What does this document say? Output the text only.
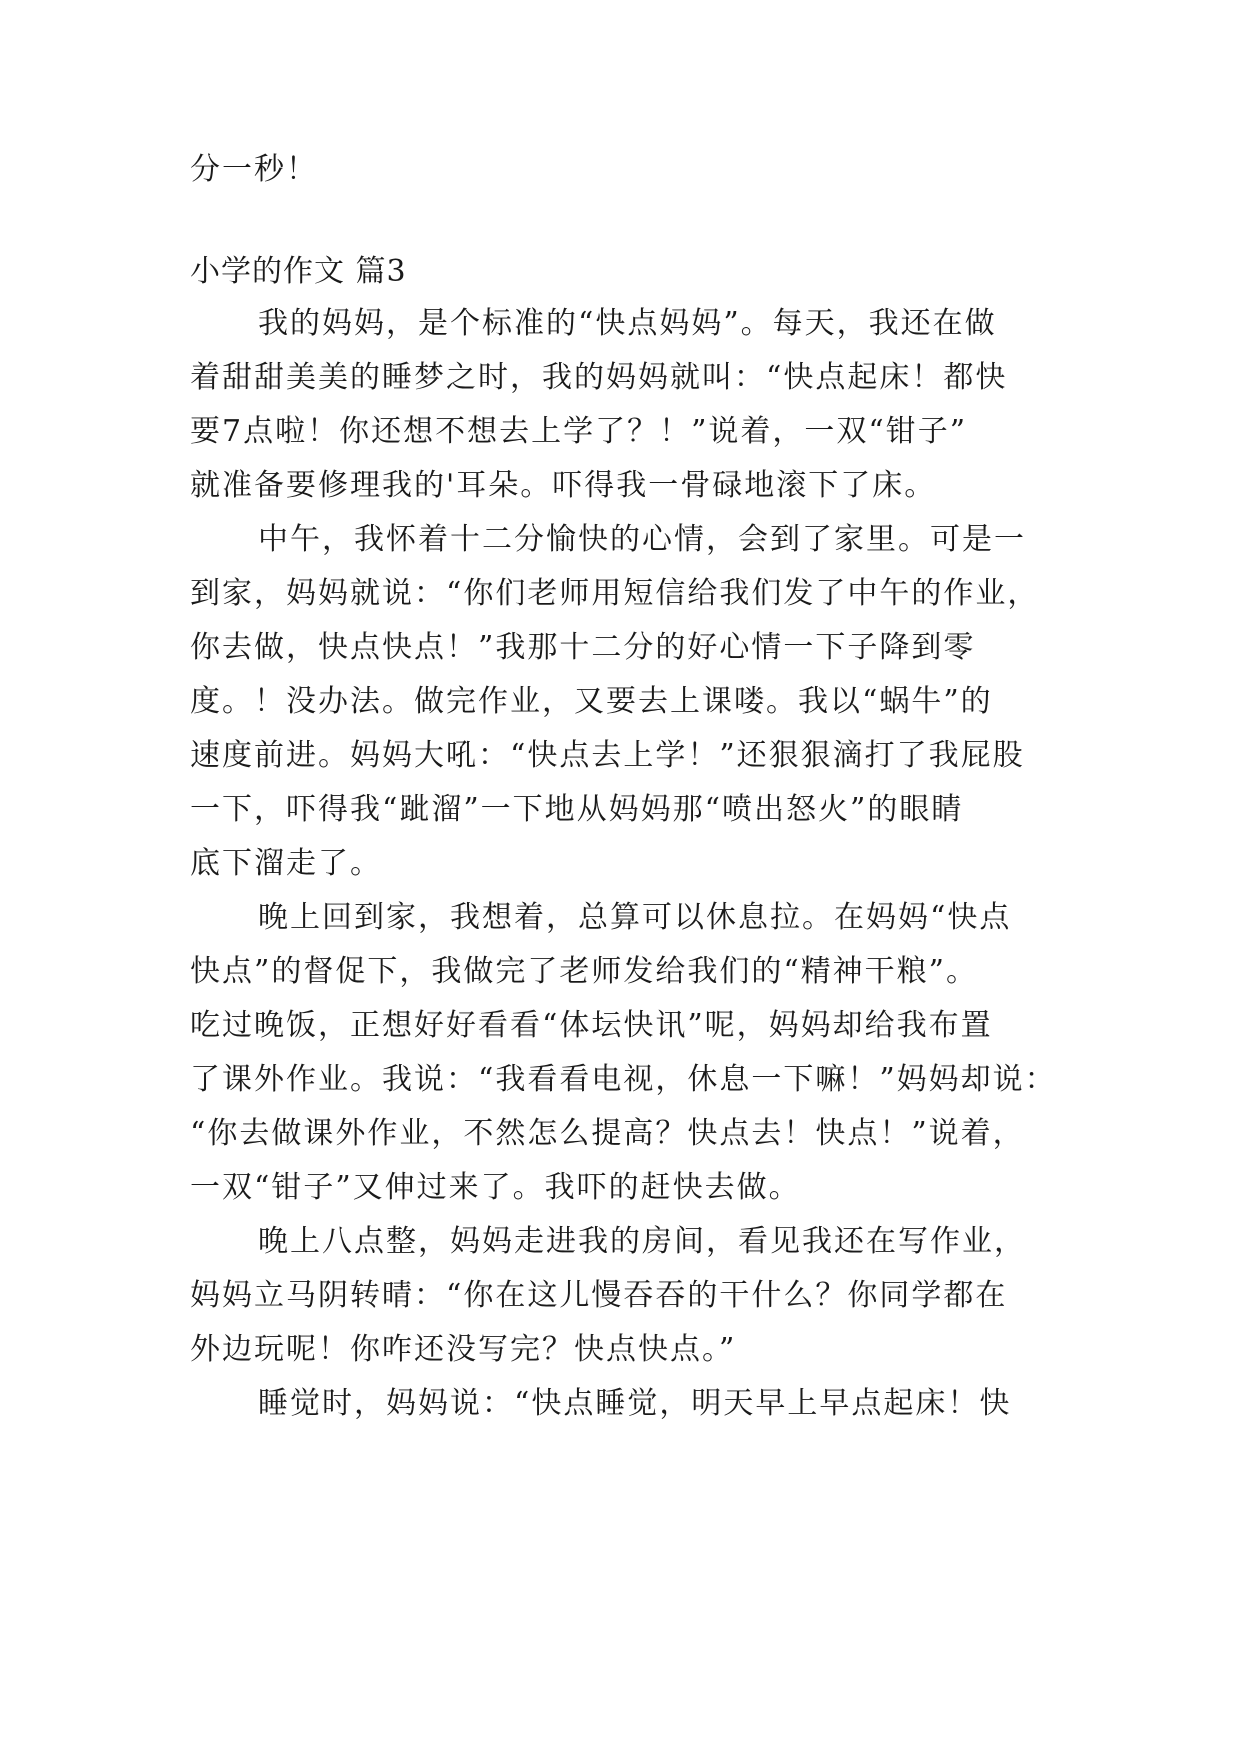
分一秒！
小学的作文 篇3
我的妈妈，是个标准的“快点妈妈”。每天，我还在做
着甜甜美美的睡梦之时，我的妈妈就叫：“快点起床！都快
要7点啦！你还想不想去上学了？！”说着，一双“钳子”
就准备要修理我的'耳朵。吓得我一骨碌地滚下了床。
中午，我怀着十二分愉快的心情，会到了家里。可是一
到家，妈妈就说：“你们老师用短信给我们发了中午的作业，
你去做，快点快点！”我那十二分的好心情一下子降到零
度。！没办法。做完作业，又要去上课喽。我以“蜗牛”的
速度前进。妈妈大吼：“快点去上学！”还狠狠滴打了我屁股
一下，吓得我“跐溜”一下地从妈妈那“喷出怒火”的眼睛
底下溜走了。
晚上回到家，我想着，总算可以休息拉。在妈妈“快点
快点”的督促下，我做完了老师发给我们的“精神干粮”。
吃过晚饭，正想好好看看“体坛快讯”呢，妈妈却给我布置
了课外作业。我说：“我看看电视，休息一下嘛！”妈妈却说：
“你去做课外作业，不然怎么提高？快点去！快点！”说着，
一双“钳子”又伸过来了。我吓的赶快去做。
晚上八点整，妈妈走进我的房间，看见我还在写作业，
妈妈立马阴转晴：“你在这儿慢吞吞的干什么？你同学都在
外边玩呢！你咋还没写完？快点快点。”
睡觉时，妈妈说：“快点睡觉，明天早上早点起床！快
